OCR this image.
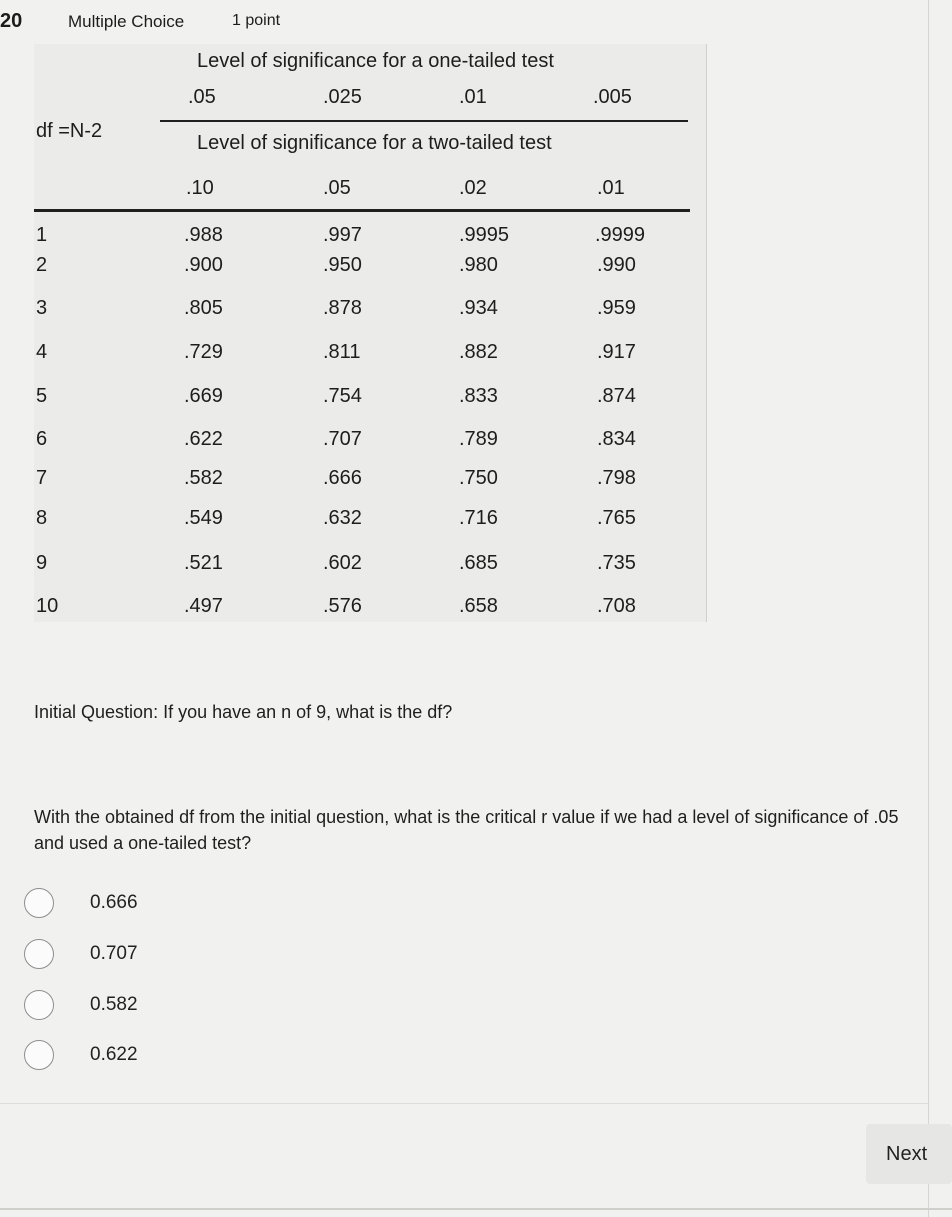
20	Multiple Choice	1 point
Level of significance for a one-tailed test
.05	.025	.01	.005
df =N-2
Level of significance for a two-tailed test
.10	.05	.02	.01
1	.988	.997	.9995	.9999
2	.900	.950	.980	.990
3	.805	.878	.934	.959
4	.729	.811	.882	.917
5	.669	.754	.833	.874
6	.622	.707	.789	.834
7	.582	.666	.750	.798
8	.549	.632	.716	.765
9	.521	.602	.685	.735
10	.497	.576	.658	.708
Initial Question: If you have an n of 9, what is the df?
With the obtained df from the initial question, what is the critical r value if we had a level of significance of .05 and used a one-tailed test?
0.666
0.707
0.582
0.622
Next
